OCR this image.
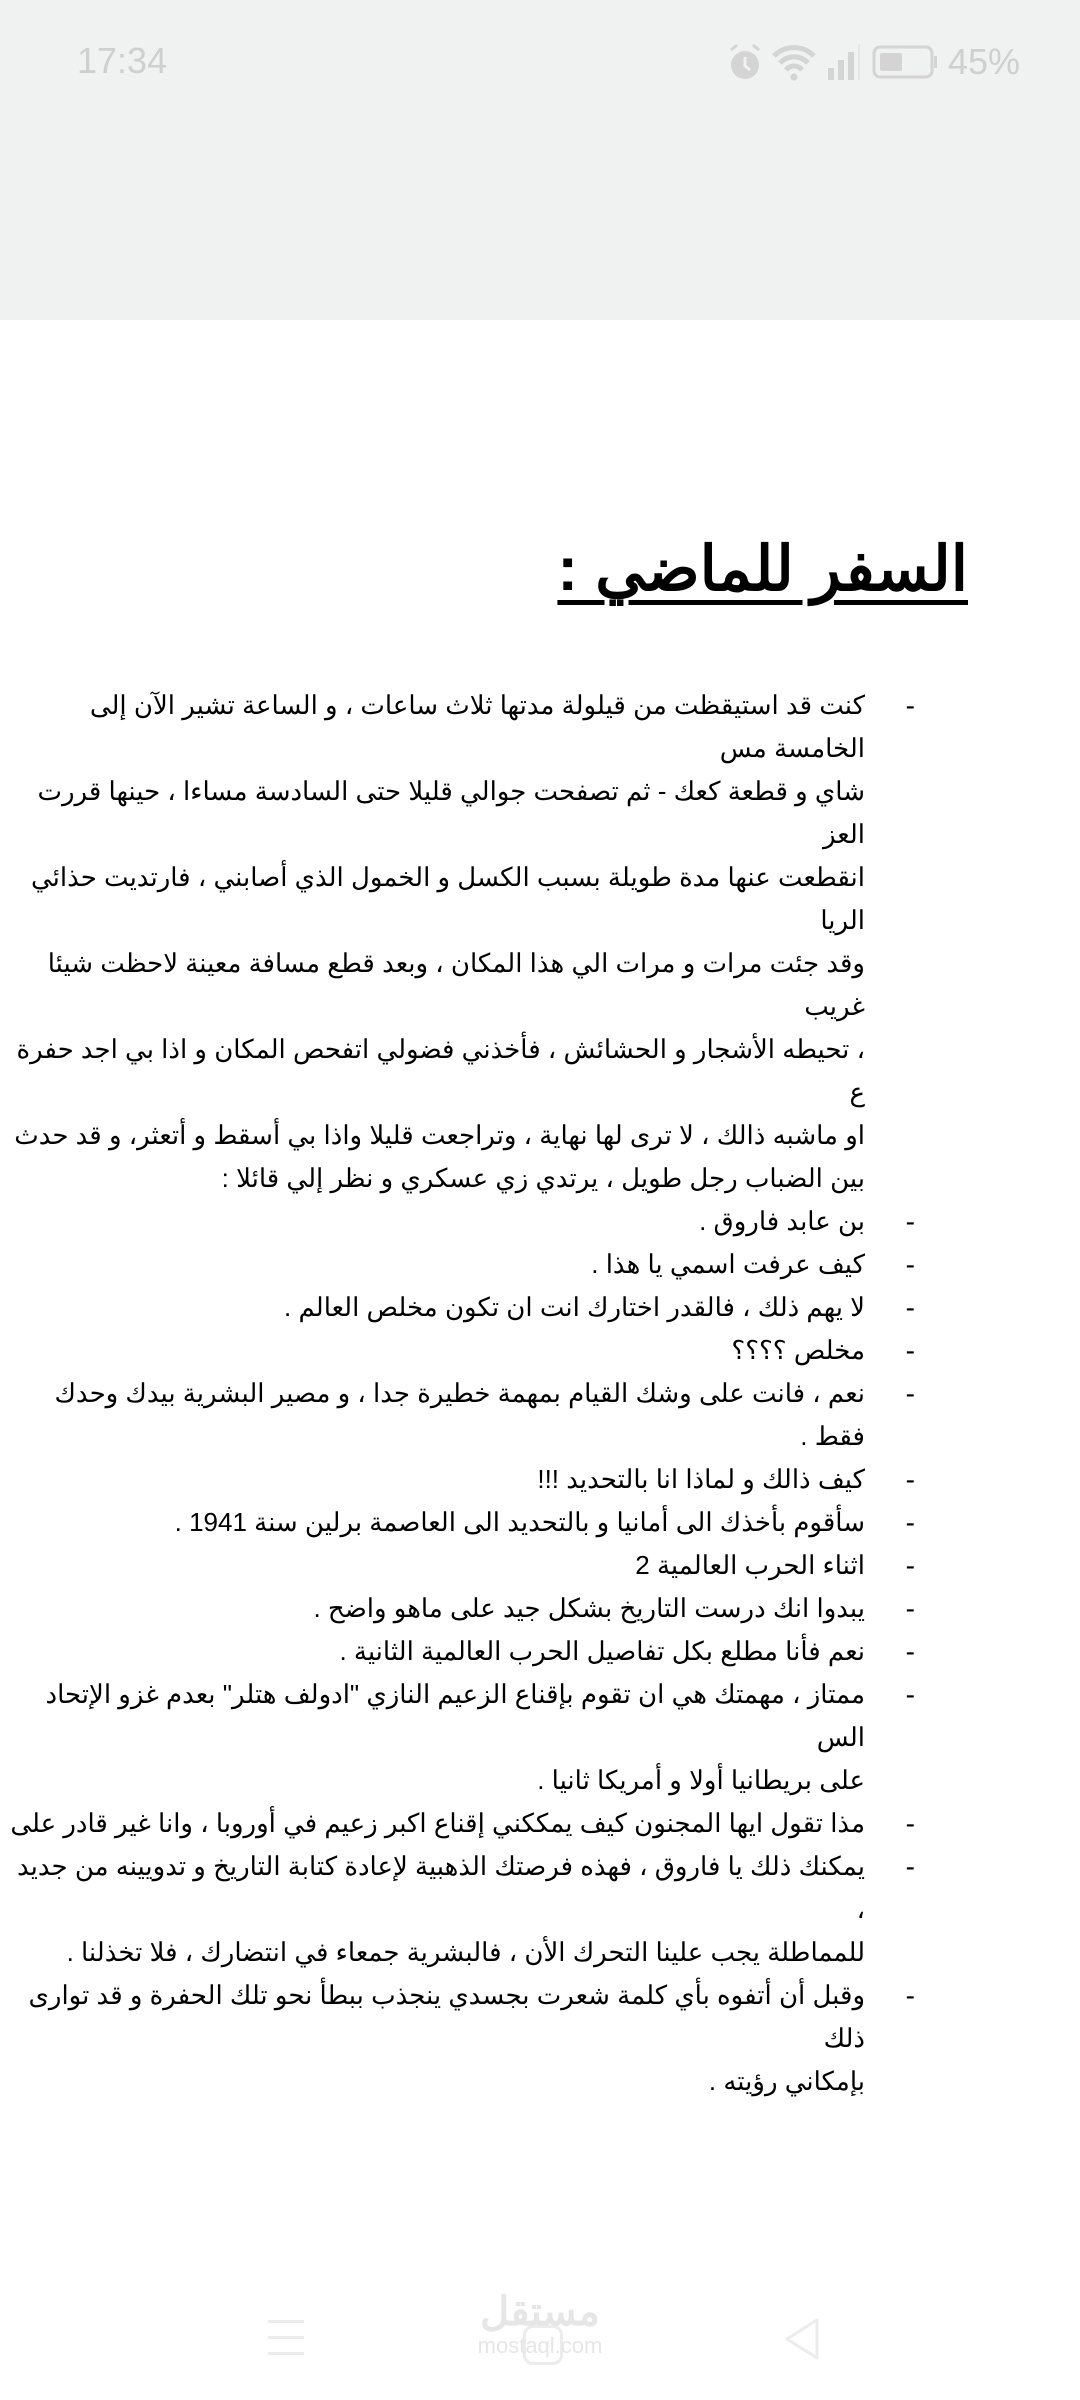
17:34	45%
السفر للماضي :
-
كنت قد استيقظت من قيلولة مدتها ثلاث ساعات ، و الساعة تشير الآن إلى الخامسة مس
شاي و قطعة كعك - ثم تصفحت جوالي قليلا حتى السادسة مساءا ، حينها قررت العز
انقطعت عنها مدة طويلة بسبب الكسل و الخمول الذي أصابني ، فارتديت حذائي الريا
وقد جئت مرات و مرات الي هذا المكان ، وبعد قطع مسافة معينة لاحظت شيئا غريب
، تحيطه الأشجار و الحشائش ، فأخذني فضولي اتفحص المكان و اذا بي اجد حفرة ع
او ماشبه ذالك ، لا ترى لها نهاية ، وتراجعت قليلا واذا بي أسقط و أتعثر، و قد حدث
بين الضباب رجل طويل ، يرتدي زي عسكري و نظر إلي قائلا :
-
بن عابد فاروق .
-
كيف عرفت اسمي يا هذا .
-
لا يهم ذلك ، فالقدر اختارك انت ان تكون مخلص العالم .
-
مخلص ؟؟؟؟
-
نعم ، فانت على وشك القيام بمهمة خطيرة جدا ، و مصير البشرية بيدك وحدك فقط .
-
كيف ذالك و لماذا انا بالتحديد !!!
-
سأقوم بأخذك الى أمانيا و بالتحديد الى العاصمة برلين سنة 1941 .
-
اثناء الحرب العالمية 2
-
يبدوا انك درست التاريخ بشكل جيد على ماهو واضح .
-
نعم فأنا مطلع بكل تفاصيل الحرب العالمية الثانية .
-
ممتاز ، مهمتك هي ان تقوم بإقناع الزعيم النازي "ادولف هتلر" بعدم غزو الإتحاد الس
على بريطانيا أولا و أمريكا ثانيا .
-
مذا تقول ايها المجنون كيف يمككني إقناع اكبر زعيم في أوروبا ، وانا غير قادر على
-
يمكنك ذلك يا فاروق ، فهذه فرصتك الذهبية لإعادة كتابة التاريخ و تدويينه من جديد ،
للمماطلة يجب علينا التحرك الأن ، فالبشرية جمعاء في انتضارك ، فلا تخذلنا .
-
وقبل أن أتفوه بأي كلمة شعرت بجسدي ينجذب ببطأ نحو تلك الحفرة و قد توارى ذلك
بإمكاني رؤيته .
مستقل
mostaql.com
